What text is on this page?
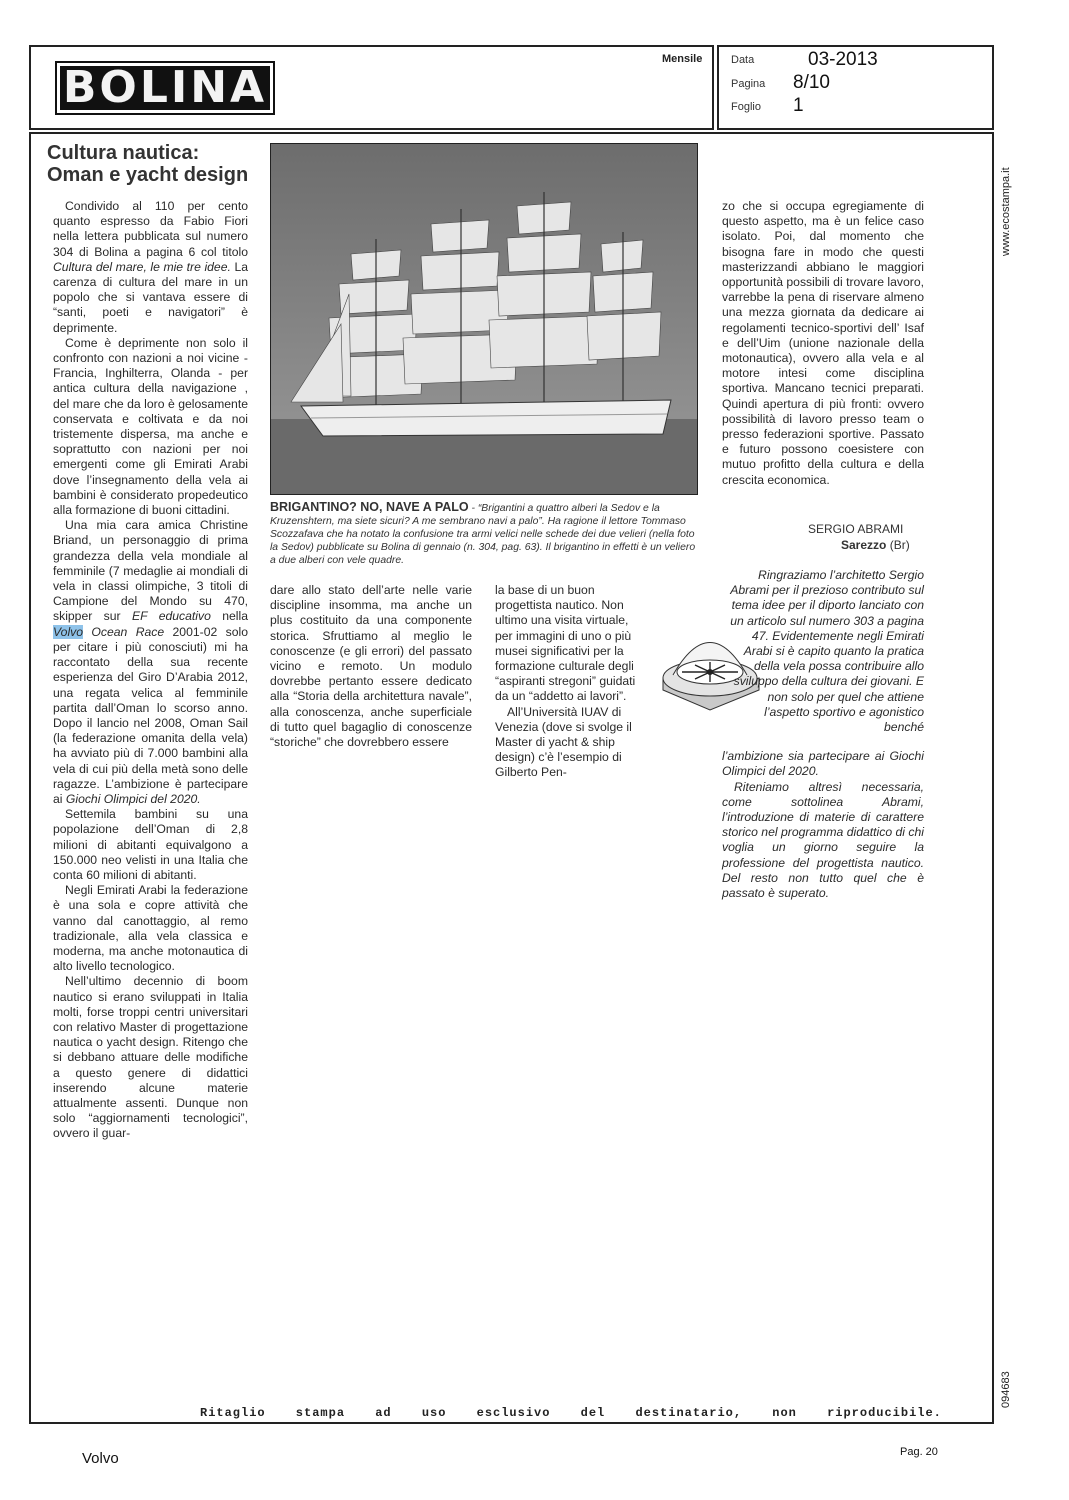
BOLINA
Mensile	Data	03-2013
Pagina 8/10
Foglio 1
Cultura nautica:
Oman e yacht design

Condivido al 110 per cento quanto espresso da Fabio Fiori nella lettera pubblicata sul numero 304 di Bolina a pagina 6 col titolo Cultura del mare, le mie tre idee. La carenza di cultura del mare in un popolo che si vantava essere di “santi, poeti e navigatori” è deprimente.

Come è deprimente non solo il confronto con nazioni a noi vicine - Francia, Inghilterra, Olanda - per antica cultura della navigazione , del mare che da loro è gelosamente conservata e coltivata e da noi tristemente dispersa, ma anche e soprattutto con nazioni per noi emergenti come gli Emirati Arabi dove l’insegnamento della vela ai bambini è considerato propedeutico alla formazione di buoni cittadini.

Una mia cara amica Christine Briand, un personaggio di prima grandezza della vela mondiale al femminile (7 medaglie ai mondiali di vela in classi olimpiche, 3 titoli di Campione del Mondo su 470, skipper sur EF educativo nella Volvo Ocean Race 2001-02 solo per citare i più conosciuti) mi ha raccontato della sua recente esperienza del Giro D’Arabia 2012, una regata velica al femminile partita dall’Oman lo scorso anno. Dopo il lancio nel 2008, Oman Sail (la federazione omanita della vela) ha avviato più di 7.000 bambini alla vela di cui più della metà sono delle ragazze. L’ambizione è partecipare ai Giochi Olimpici del 2020.

Settemila bambini su una popolazione dell’Oman di 2,8 milioni di abitanti equivalgono a 150.000 neo velisti in una Italia che conta 60 milioni di abitanti.

Negli Emirati Arabi la federazione è una sola e copre attività che vanno dal canottaggio, al remo tradizionale, alla vela classica e moderna, ma anche motonautica di alto livello tecnologico.

Nell’ultimo decennio di boom nautico si erano sviluppati in Italia molti, forse troppi centri universitari con relativo Master di progettazione nautica o yacht design. Ritengo che si debbano attuare delle modifiche a questo genere di didattici inserendo alcune materie attualmente assenti. Dunque non solo “aggiornamenti tecnologici”, ovvero il guar-

BRIGANTINO? NO, NAVE A PALO - “Brigantini a quattro alberi la Sedov e la Kruzenshtern, ma siete sicuri? A me sembrano navi a palo”. Ha ragione il lettore Tommaso Scozzafava che ha notato la confusione tra armi velici nelle schede dei due velieri (nella foto la Sedov) pubblicate su Bolina di gennaio (n. 304, pag. 63). Il brigantino in effetti è un veliero a due alberi con vele quadre.

dare allo stato dell’arte nelle varie discipline insomma, ma anche un plus costituito da una componente storica. Sfruttiamo al meglio le conoscenze (e gli errori) del passato vicino e remoto. Un modulo dovrebbe pertanto essere dedicato alla “Storia della architettura navale”, alla conoscenza, anche superficiale di tutto quel bagaglio di conoscenze “storiche” che dovrebbero essere

la base di un buon progettista nautico. Non ultimo una visita virtuale, per immagini di uno o più musei significativi per la formazione culturale degli “aspiranti stregoni” guidati da un “addetto ai lavori”.

All’Università IUAV di Venezia (dove si svolge il Master di yacht & ship design) c’è l’esempio di Gilberto Pen-

zo che si occupa egregiamente di questo aspetto, ma è un felice caso isolato. Poi, dal momento che bisogna fare in modo che questi masterizzandi abbiano le maggiori opportunità possibili di trovare lavoro, varrebbe la pena di riservare almeno una mezza giornata da dedicare ai regolamenti tecnico-sportivi dell’ Isaf e dell’Uim (unione nazionale della motonautica), ovvero alla vela e al motore intesi come disciplina sportiva. Mancano tecnici preparati. Quindi apertura di più fronti: ovvero possibilità di lavoro presso team o presso federazioni sportive. Passato e futuro possono coesistere con mutuo profitto della cultura e della crescita economica.

SERGIO ABRAMI
Sarezzo (Br)

Ringraziamo l’architetto Sergio Abrami per il prezioso contributo sul tema idee per il diporto lanciato con un articolo sul numero 303 a pagina 47. Evidentemente negli Emirati Arabi si è capito quanto la pratica della vela possa contribuire allo sviluppo della cultura dei giovani. E non solo per quel che attiene l’aspetto sportivo e agonistico benché

l’ambizione sia partecipare ai Giochi Olimpici del 2020.

Riteniamo altresì necessaria, come sottolinea Abrami, l’introduzione di materie di carattere storico nel programma didattico di chi voglia un giorno seguire la professione del progettista nautico. Del resto non tutto quel che è passato è superato.

www.ecostampa.it
094683
Ritaglio stampa ad uso esclusivo del destinatario, non riproducibile.
Volvo	Pag. 20
